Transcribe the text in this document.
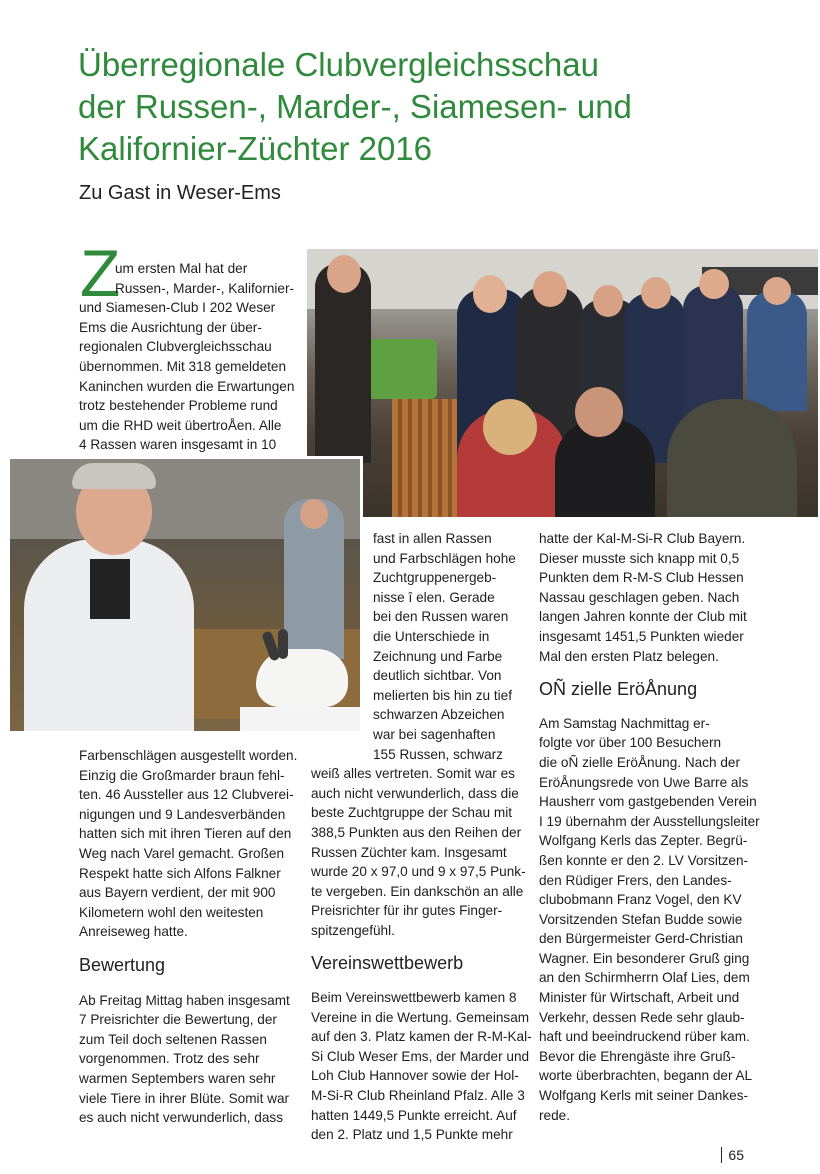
Überregionale Clubvergleichsschau
der Russen-, Marder-, Siamesen- und
Kalifornier-Züchter 2016
Zu Gast in Weser-Ems
Z

um ersten Mal hat der

Russen-, Marder-, Kalifornier-

und Siamesen-Club I 202 Weser

Ems die Ausrichtung der über-

regionalen Clubvergleichsschau

übernommen. Mit 318 gemeldeten

Kaninchen wurden die Erwartungen

trotz bestehender Probleme rund

um die RHD weit übertroÅen. Alle

4 Rassen waren insgesamt in 10

Farbenschlägen ausgestellt worden.

Einzig die Großmarder braun fehl-

ten. 46 Aussteller aus 12 Clubverei-

nigungen und 9 Landesverbänden

hatten sich mit ihren Tieren auf den

Weg nach Varel gemacht. Großen

Respekt hatte sich Alfons Falkner

aus Bayern verdient, der mit 900

Kilometern wohl den weitesten

Anreiseweg hatte.

Bewertung

Ab Freitag Mittag haben insgesamt

7 Preisrichter die Bewertung, der

zum Teil doch seltenen Rassen

vorgenommen. Trotz des sehr

warmen Septembers waren sehr

viele Tiere in ihrer Blüte. Somit war

es auch nicht verwunderlich, dass

fast in allen Rassen

und Farbschlägen hohe

Zuchtgruppenergeb-

nisse î elen. Gerade

bei den Russen waren

die Unterschiede in

Zeichnung und Farbe

deutlich sichtbar. Von

melierten bis hin zu tief

schwarzen Abzeichen

war bei sagenhaften

155 Russen, schwarz

weiß alles vertreten. Somit war es

auch nicht verwunderlich, dass die

beste Zuchtgruppe der Schau mit

388,5 Punkten aus den Reihen der

Russen Züchter kam. Insgesamt

wurde 20 x 97,0 und 9 x 97,5 Punk-

te vergeben. Ein dankschön an alle

Preisrichter für ihr gutes Finger-

spitzengefühl.

Vereinswettbewerb

Beim Vereinswettbewerb kamen 8

Vereine in die Wertung. Gemeinsam

auf den 3. Platz kamen der R-M-Kal-

Si Club Weser Ems, der Marder und

Loh Club Hannover sowie der Hol-

M-Si-R Club Rheinland Pfalz. Alle 3

hatten 1449,5 Punkte erreicht. Auf

den 2. Platz und 1,5 Punkte mehr

hatte der Kal-M-Si-R Club Bayern.

Dieser musste sich knapp mit 0,5

Punkten dem R-M-S Club Hessen

Nassau geschlagen geben. Nach

langen Jahren konnte der Club mit

insgesamt 1451,5 Punkten wieder

Mal den ersten Platz belegen.

OÑ zielle EröÅnung

Am Samstag Nachmittag er-

folgte vor über 100 Besuchern

die oÑ zielle EröÅnung. Nach der

EröÅnungsrede von Uwe Barre als

Hausherr vom gastgebenden Verein

I 19 übernahm der Ausstellungsleiter

Wolfgang Kerls das Zepter. Begrü-

ßen konnte er den 2. LV Vorsitzen-

den Rüdiger Frers, den Landes-

clubobmann Franz Vogel, den KV

Vorsitzenden Stefan Budde sowie

den Bürgermeister Gerd-Christian

Wagner. Ein besonderer Gruß ging

an den Schirmherrn Olaf Lies, dem

Minister für Wirtschaft, Arbeit und

Verkehr, dessen Rede sehr glaub-

haft und beeindruckend rüber kam.

Bevor die Ehrengäste ihre Gruß-

worte überbrachten, begann der AL

Wolfgang Kerls mit seiner Dankes-

rede.

65
